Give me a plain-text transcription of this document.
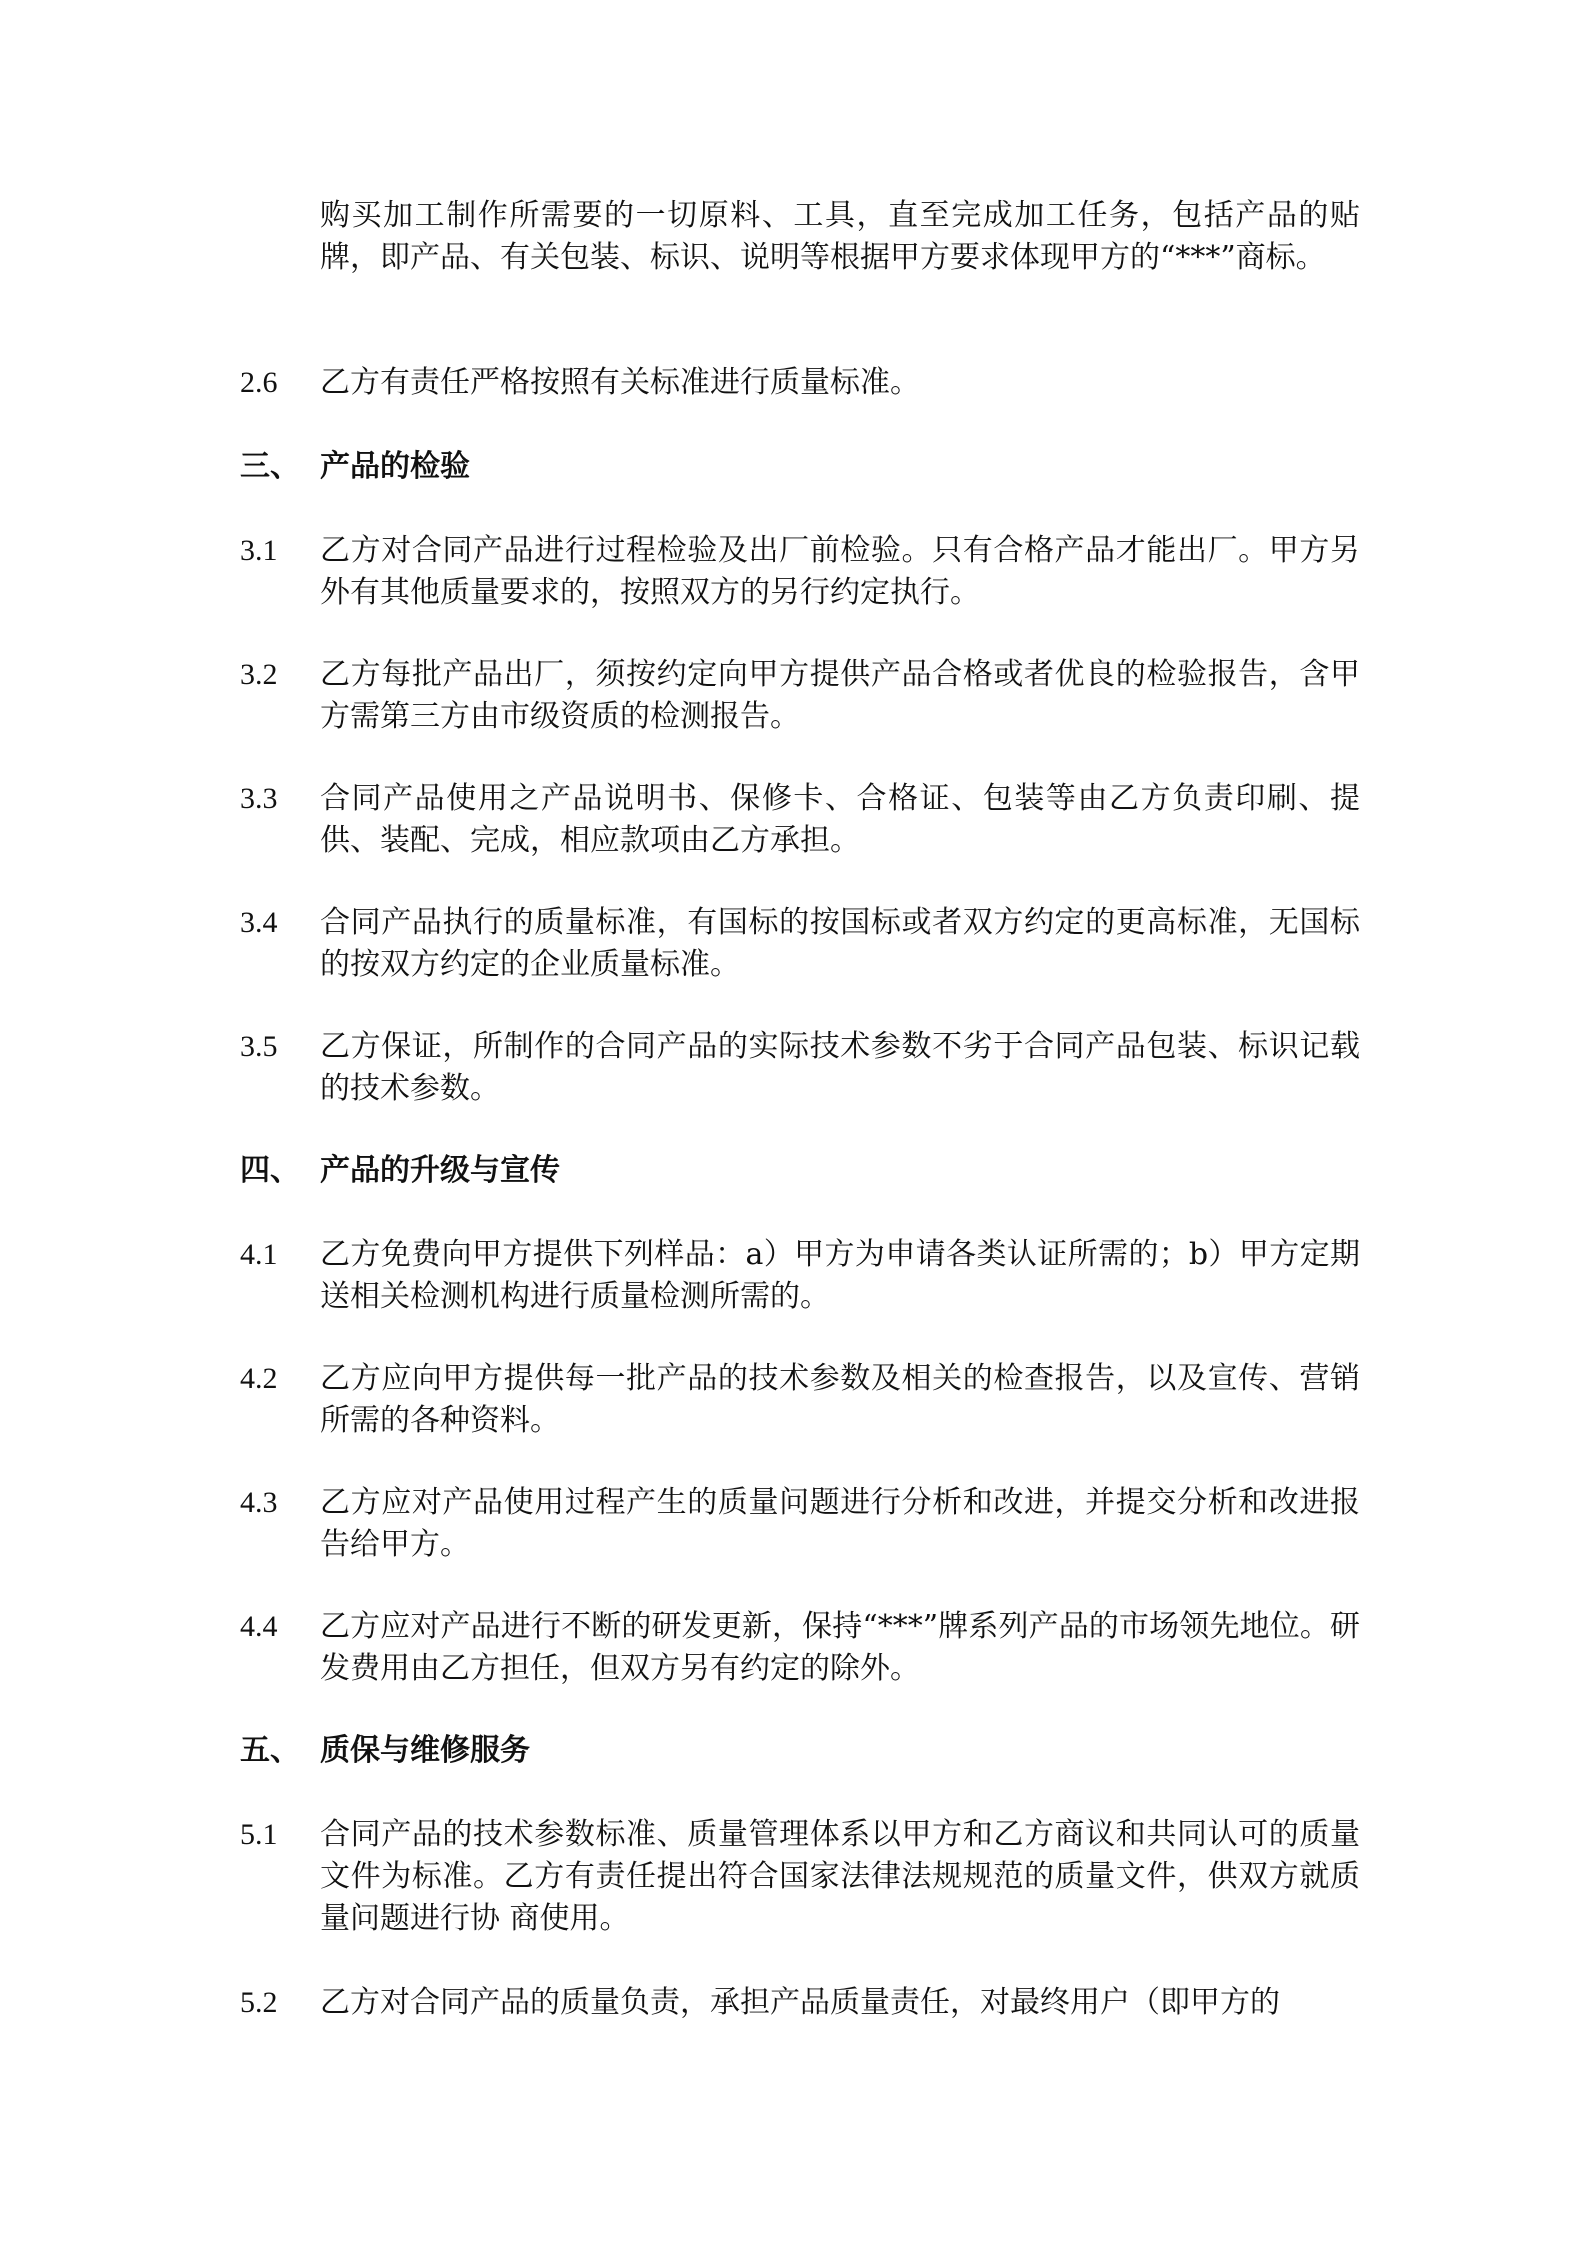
购买加工制作所需要的一切原料、工具，直至完成加工任务，包括产品的贴牌，即产品、有关包装、标识、说明等根据甲方要求体现甲方的“***”商标。
2.6	乙方有责任严格按照有关标准进行质量标准。
三、 产品的检验
3.1	乙方对合同产品进行过程检验及出厂前检验。只有合格产品才能出厂。甲方另外有其他质量要求的，按照双方的另行约定执行。
3.2	乙方每批产品出厂，须按约定向甲方提供产品合格或者优良的检验报告，含甲方需第三方由市级资质的检测报告。
3.3	合同产品使用之产品说明书、保修卡、合格证、包装等由乙方负责印刷、提供、装配、完成，相应款项由乙方承担。
3.4	合同产品执行的质量标准，有国标的按国标或者双方约定的更高标准，无国标的按双方约定的企业质量标准。
3.5	乙方保证，所制作的合同产品的实际技术参数不劣于合同产品包装、标识记载的技术参数。
四、 产品的升级与宣传
4.1	乙方免费向甲方提供下列样品：a）甲方为申请各类认证所需的；b）甲方定期送相关检测机构进行质量检测所需的。
4.2	乙方应向甲方提供每一批产品的技术参数及相关的检查报告，以及宣传、营销所需的各种资料。
4.3	乙方应对产品使用过程产生的质量问题进行分析和改进，并提交分析和改进报告给甲方。
4.4	乙方应对产品进行不断的研发更新，保持“***”牌系列产品的市场领先地位。研发费用由乙方担任，但双方另有约定的除外。
五、 质保与维修服务
5.1	合同产品的技术参数标准、质量管理体系以甲方和乙方商议和共同认可的质量文件为标准。乙方有责任提出符合国家法律法规规范的质量文件，供双方就质量问题进行协 商使用。
5.2	乙方对合同产品的质量负责，承担产品质量责任，对最终用户（即甲方的
